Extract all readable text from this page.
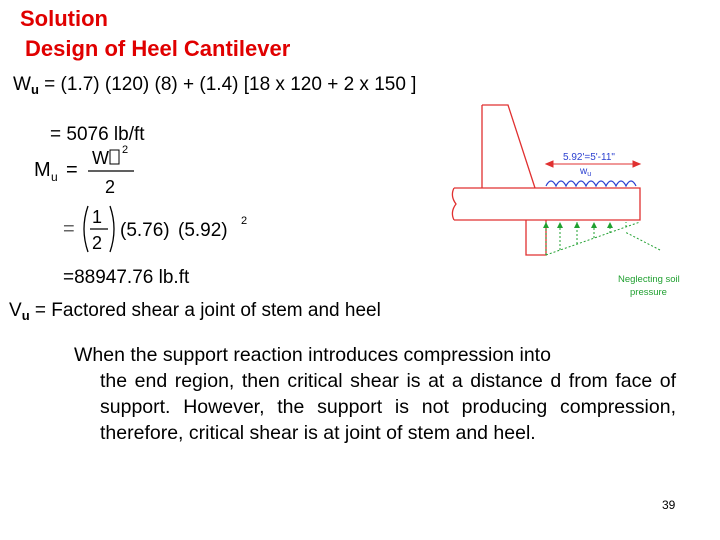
Solution
Design of Heel Cantilever
$W_u = (1.7)$ (120) (8) + (1.4) [18 x 120 + 2 x 150 ]
= 5076 lb/ft
M u =
W 2
2
=
1
2
(5.76) (5.92) 2
=88947.76 lb.ft
5.92'=5'-11"
$w_u$
Neglecting soil
pressure
$V_u$ = Factored shear a joint of stem and heel
When the support reaction introduces compression into
the end region, then critical shear is at a distance d from face of support. However, the support is not producing compression, therefore, critical shear is at joint of stem and heel.
39
